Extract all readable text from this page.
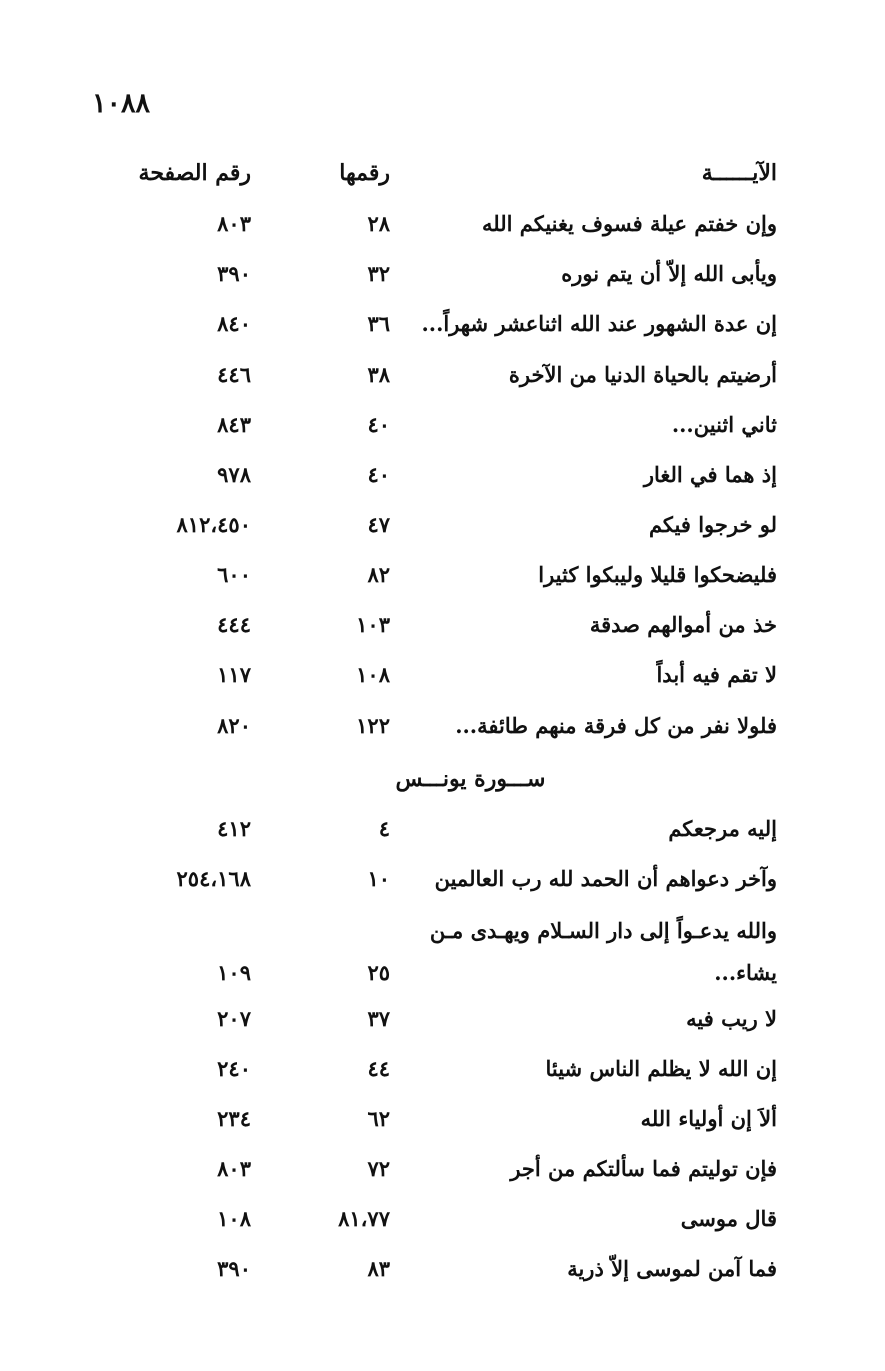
١٠٨٨
الآيــــــة
رقمها
رقم الصفحة
وإن خفتم عيلة فسوف يغنيكم الله
٢٨
٨٠٣
ويأبى الله إلاّ أن يتم نوره
٣٢
٣٩٠
إن عدة الشهور عند الله اثناعشر شهراً...
٣٦
٨٤٠
أرضيتم بالحياة الدنيا من الآخرة
٣٨
٤٤٦
ثاني اثنين...
٤٠
٨٤٣
إذ هما في الغار
٤٠
٩٧٨
لو خرجوا فيكم
٤٧
٨١٢،٤٥٠
فليضحكوا قليلا وليبكوا كثيرا
٨٢
٦٠٠
خذ من أموالهم صدقة
١٠٣
٤٤٤
لا تقم فيه أبداً
١٠٨
١١٧
فلولا نفر من كل فرقة منهم طائفة...
١٢٢
٨٢٠
ســـورة يونـــس
إليه مرجعكم
٤
٤١٢
وآخر دعواهم أن الحمد لله رب العالمين
١٠
٢٥٤،١٦٨
والله يدعـواً إلى دار السـلام ويهـدى مـن
يشاء...
٢٥
١٠٩
لا ريب فيه
٣٧
٢٠٧
إن الله لا يظلم الناس شيئا
٤٤
٢٤٠
ألاَ إن أولياء الله
٦٢
٢٣٤
فإن توليتم فما سألتكم من أجر
٧٢
٨٠٣
قال موسى
٨١،٧٧
١٠٨
فما آمن لموسى إلاّ ذرية
٨٣
٣٩٠
